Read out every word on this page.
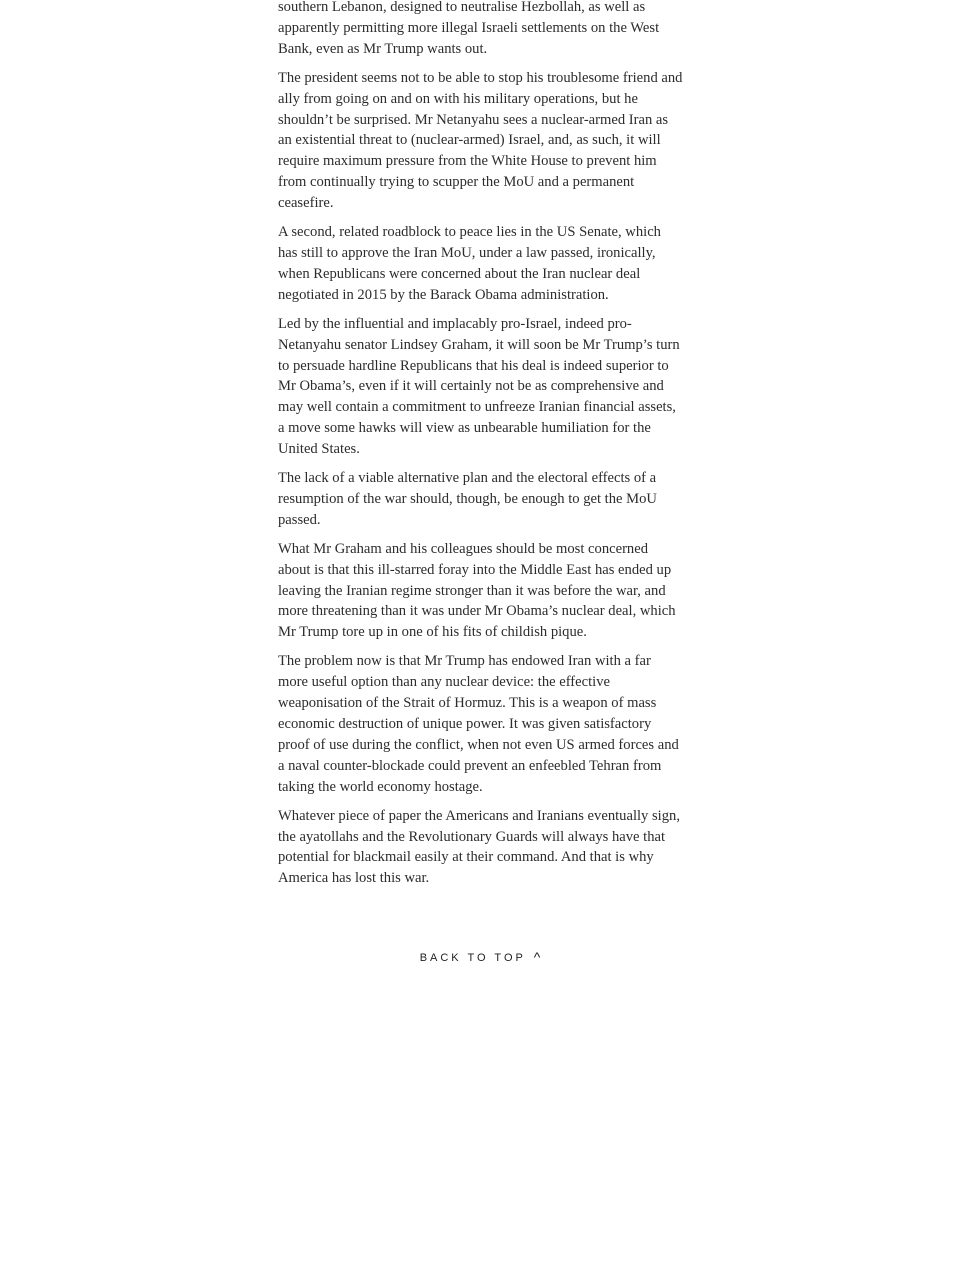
southern Lebanon, designed to neutralise Hezbollah, as well as apparently permitting more illegal Israeli settlements on the West Bank, even as Mr Trump wants out.

The president seems not to be able to stop his troublesome friend and ally from going on and on with his military operations, but he shouldn’t be surprised. Mr Netanyahu sees a nuclear-armed Iran as an existential threat to (nuclear-armed) Israel, and, as such, it will require maximum pressure from the White House to prevent him from continually trying to scupper the MoU and a permanent ceasefire.

A second, related roadblock to peace lies in the US Senate, which has still to approve the Iran MoU, under a law passed, ironically, when Republicans were concerned about the Iran nuclear deal negotiated in 2015 by the Barack Obama administration.

Led by the influential and implacably pro-Israel, indeed pro-Netanyahu senator Lindsey Graham, it will soon be Mr Trump’s turn to persuade hardline Republicans that his deal is indeed superior to Mr Obama’s, even if it will certainly not be as comprehensive and may well contain a commitment to unfreeze Iranian financial assets, a move some hawks will view as unbearable humiliation for the United States.

The lack of a viable alternative plan and the electoral effects of a resumption of the war should, though, be enough to get the MoU passed.

What Mr Graham and his colleagues should be most concerned about is that this ill-starred foray into the Middle East has ended up leaving the Iranian regime stronger than it was before the war, and more threatening than it was under Mr Obama’s nuclear deal, which Mr Trump tore up in one of his fits of childish pique.

The problem now is that Mr Trump has endowed Iran with a far more useful option than any nuclear device: the effective weaponisation of the Strait of Hormuz. This is a weapon of mass economic destruction of unique power. It was given satisfactory proof of use during the conflict, when not even US armed forces and a naval counter-blockade could prevent an enfeebled Tehran from taking the world economy hostage.

Whatever piece of paper the Americans and Iranians eventually sign, the ayatollahs and the Revolutionary Guards will always have that potential for blackmail easily at their command. And that is why America has lost this war.

BACK TO TOP ^
